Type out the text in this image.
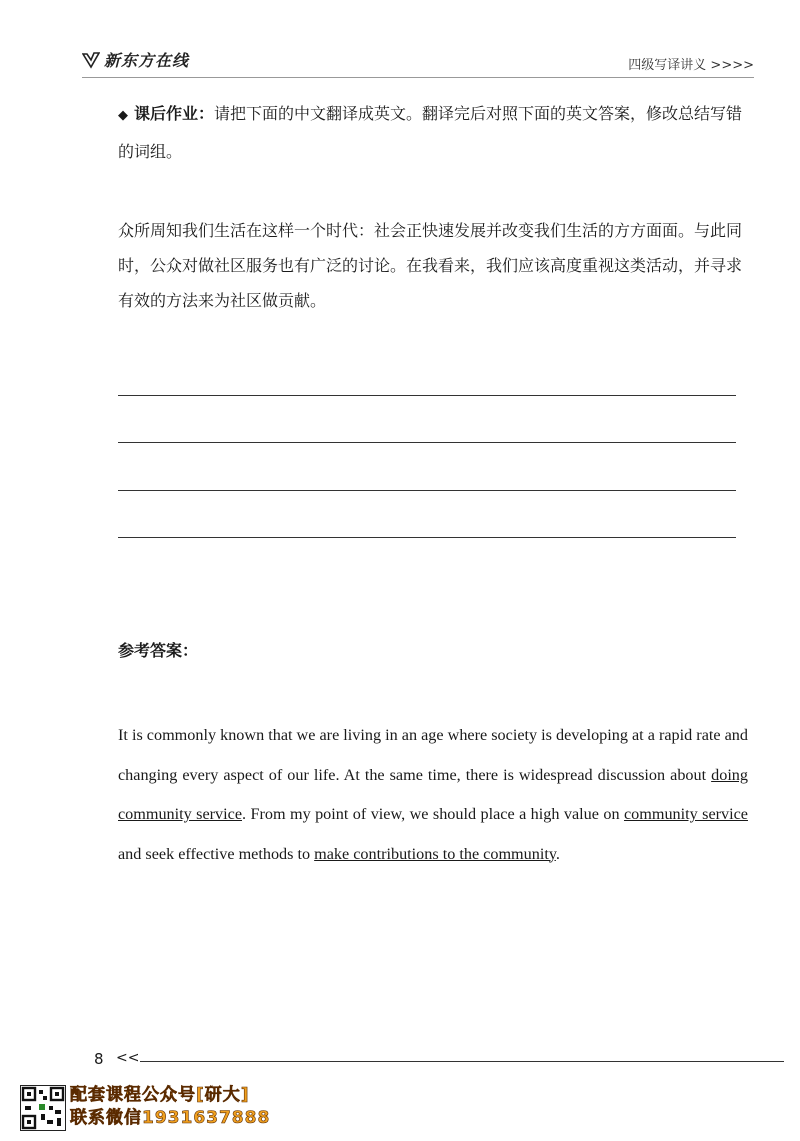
新东方在线	四级写译讲义 >>>>
◆ 课后作业：请把下面的中文翻译成英文。翻译完后对照下面的英文答案，修改总结写错的词组。
众所周知我们生活在这样一个时代：社会正快速发展并改变我们生活的方方面面。与此同时，公众对做社区服务也有广泛的讨论。在我看来，我们应该高度重视这类活动，并寻求有效的方法来为社区做贡献。
参考答案：
It is commonly known that we are living in an age where society is developing at a rapid rate and changing every aspect of our life. At the same time, there is widespread discussion about doing community service. From my point of view, we should place a high value on community service and seek effective methods to make contributions to the community.
8 <<
配套课程公众号[研大]
联系微信1931637888
